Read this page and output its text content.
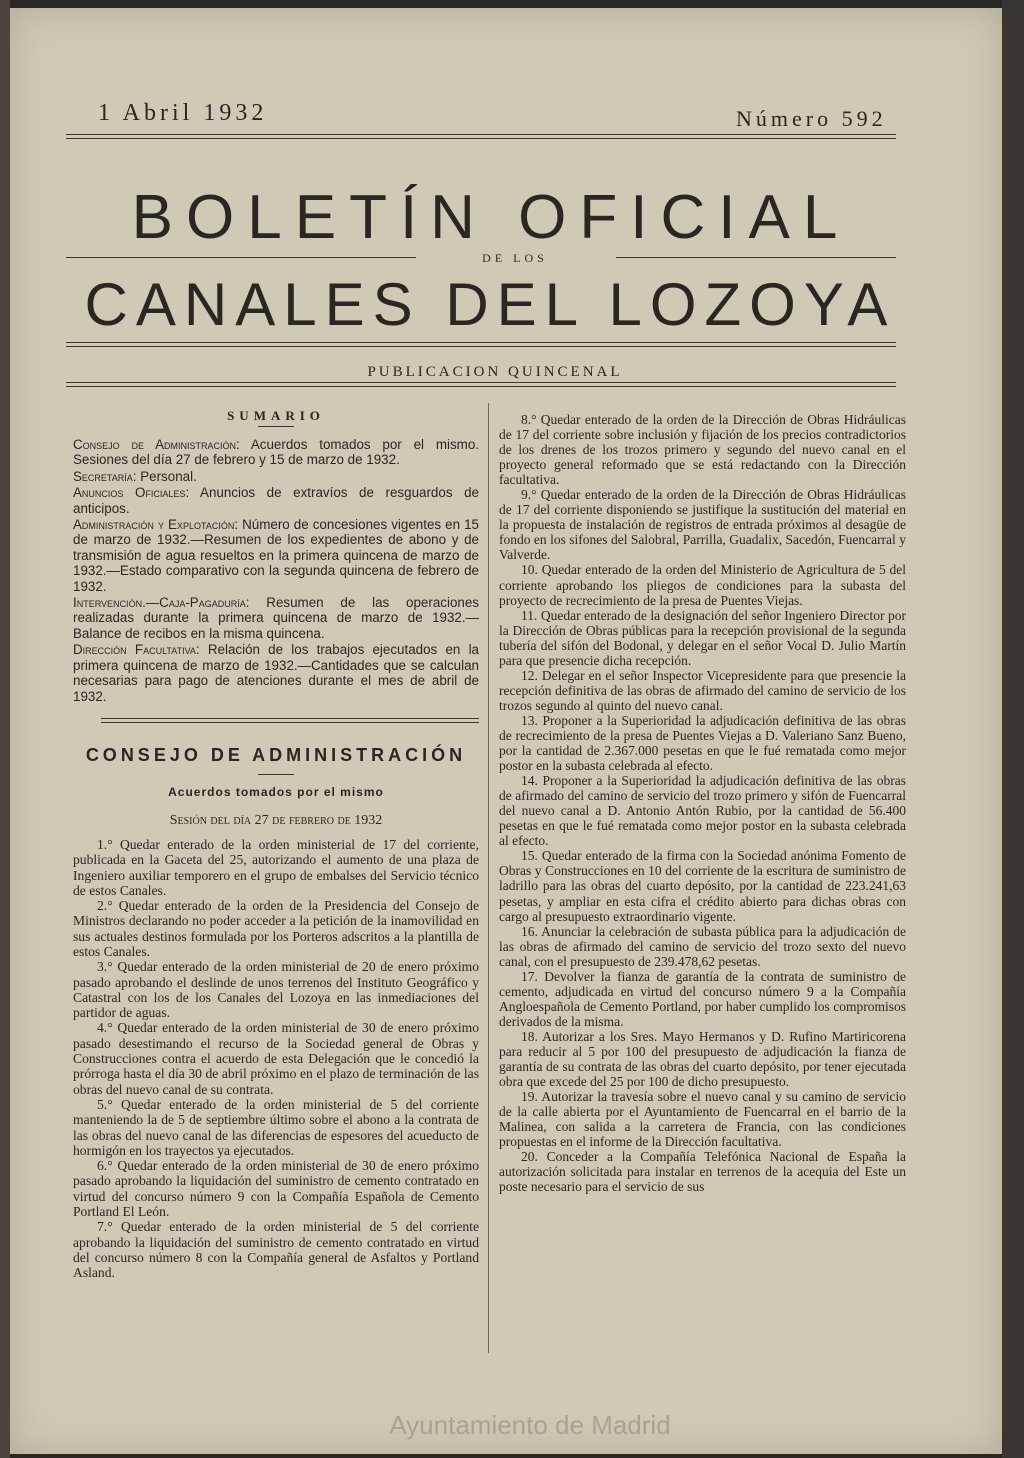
1 Abril 1932	Número 592
BOLETÍN OFICIAL
DE LOS
CANALES DEL LOZOYA
PUBLICACION QUINCENAL
SUMARIO

Consejo de Administración: Acuerdos tomados por el mismo. Sesiones del día 27 de febrero y 15 de marzo de 1932.

Secretaría: Personal.

Anuncios Oficiales: Anuncios de extravíos de resguardos de anticipos.

Administración y Explotación: Número de concesiones vigentes en 15 de marzo de 1932.—Resumen de los expedientes de abono y de transmisión de agua resueltos en la primera quincena de marzo de 1932.—Estado comparativo con la segunda quincena de febrero de 1932.

Intervención.—Caja-Pagaduría: Resumen de las operaciones realizadas durante la primera quincena de marzo de 1932.—Balance de recibos en la misma quincena.

Dirección Facultativa: Relación de los trabajos ejecutados en la primera quincena de marzo de 1932.—Cantidades que se calculan necesarias para pago de atenciones durante el mes de abril de 1932.

CONSEJO DE ADMINISTRACIÓN
Acuerdos tomados por el mismo
Sesión del día 27 de febrero de 1932

1.° Quedar enterado de la orden ministerial de 17 del corriente, publicada en la Gaceta del 25, autorizando el aumento de una plaza de Ingeniero auxiliar temporero en el grupo de embalses del Servicio técnico de estos Canales.

2.° Quedar enterado de la orden de la Presidencia del Consejo de Ministros declarando no poder acceder a la petición de la inamovilidad en sus actuales destinos formulada por los Porteros adscritos a la plantilla de estos Canales.

3.° Quedar enterado de la orden ministerial de 20 de enero próximo pasado aprobando el deslinde de unos terrenos del Instituto Geográfico y Catastral con los de los Canales del Lozoya en las inmediaciones del partidor de aguas.

4.° Quedar enterado de la orden ministerial de 30 de enero próximo pasado desestimando el recurso de la Sociedad general de Obras y Construcciones contra el acuerdo de esta Delegación que le concedió la prórroga hasta el día 30 de abril próximo en el plazo de terminación de las obras del nuevo canal de su contrata.

5.° Quedar enterado de la orden ministerial de 5 del corriente manteniendo la de 5 de septiembre último sobre el abono a la contrata de las obras del nuevo canal de las diferencias de espesores del acueducto de hormigón en los trayectos ya ejecutados.

6.° Quedar enterado de la orden ministerial de 30 de enero próximo pasado aprobando la liquidación del suministro de cemento contratado en virtud del concurso número 9 con la Compañía Española de Cemento Portland El León.

7.° Quedar enterado de la orden ministerial de 5 del corriente aprobando la liquidación del suministro de cemento contratado en virtud del concurso número 8 con la Compañía general de Asfaltos y Portland Asland.

8.° Quedar enterado de la orden de la Dirección de Obras Hidráulicas de 17 del corriente sobre inclusión y fijación de los precios contradictorios de los drenes de los trozos primero y segundo del nuevo canal en el proyecto general reformado que se está redactando con la Dirección facultativa.

9.° Quedar enterado de la orden de la Dirección de Obras Hidráulicas de 17 del corriente disponiendo se justifique la sustitución del material en la propuesta de instalación de registros de entrada próximos al desagüe de fondo en los sifones del Salobral, Parrilla, Guadalix, Sacedón, Fuencarral y Valverde.

10. Quedar enterado de la orden del Ministerio de Agricultura de 5 del corriente aprobando los pliegos de condiciones para la subasta del proyecto de recrecimiento de la presa de Puentes Viejas.

11. Quedar enterado de la designación del señor Ingeniero Director por la Dirección de Obras públicas para la recepción provisional de la segunda tubería del sifón del Bodonal, y delegar en el señor Vocal D. Julio Martín para que presencie dicha recepción.

12. Delegar en el señor Inspector Vicepresidente para que presencie la recepción definitiva de las obras de afirmado del camino de servicio de los trozos segundo al quinto del nuevo canal.

13. Proponer a la Superioridad la adjudicación definitiva de las obras de recrecimiento de la presa de Puentes Viejas a D. Valeriano Sanz Bueno, por la cantidad de 2.367.000 pesetas en que le fué rematada como mejor postor en la subasta celebrada al efecto.

14. Proponer a la Superioridad la adjudicación definitiva de las obras de afirmado del camino de servicio del trozo primero y sifón de Fuencarral del nuevo canal a D. Antonio Antón Rubio, por la cantidad de 56.400 pesetas en que le fué rematada como mejor postor en la subasta celebrada al efecto.

15. Quedar enterado de la firma con la Sociedad anónima Fomento de Obras y Construcciones en 10 del corriente de la escritura de suministro de ladrillo para las obras del cuarto depósito, por la cantidad de 223.241,63 pesetas, y ampliar en esta cifra el crédito abierto para dichas obras con cargo al presupuesto extraordinario vigente.

16. Anunciar la celebración de subasta pública para la adjudicación de las obras de afirmado del camino de servicio del trozo sexto del nuevo canal, con el presupuesto de 239.478,62 pesetas.

17. Devolver la fianza de garantía de la contrata de suministro de cemento, adjudicada en virtud del concurso número 9 a la Compañía Angloespañola de Cemento Portland, por haber cumplido los compromisos derivados de la misma.

18. Autorizar a los Sres. Mayo Hermanos y D. Rufino Martiricorena para reducir al 5 por 100 del presupuesto de adjudicación la fianza de garantía de su contrata de las obras del cuarto depósito, por tener ejecutada obra que excede del 25 por 100 de dicho presupuesto.

19. Autorizar la travesía sobre el nuevo canal y su camino de servicio de la calle abierta por el Ayuntamiento de Fuencarral en el barrio de la Malinea, con salida a la carretera de Francia, con las condiciones propuestas en el informe de la Dirección facultativa.

20. Conceder a la Compañía Telefónica Nacional de España la autorización solicitada para instalar en terrenos de la acequia del Este un poste necesario para el servicio de sus

Ayuntamiento de Madrid
